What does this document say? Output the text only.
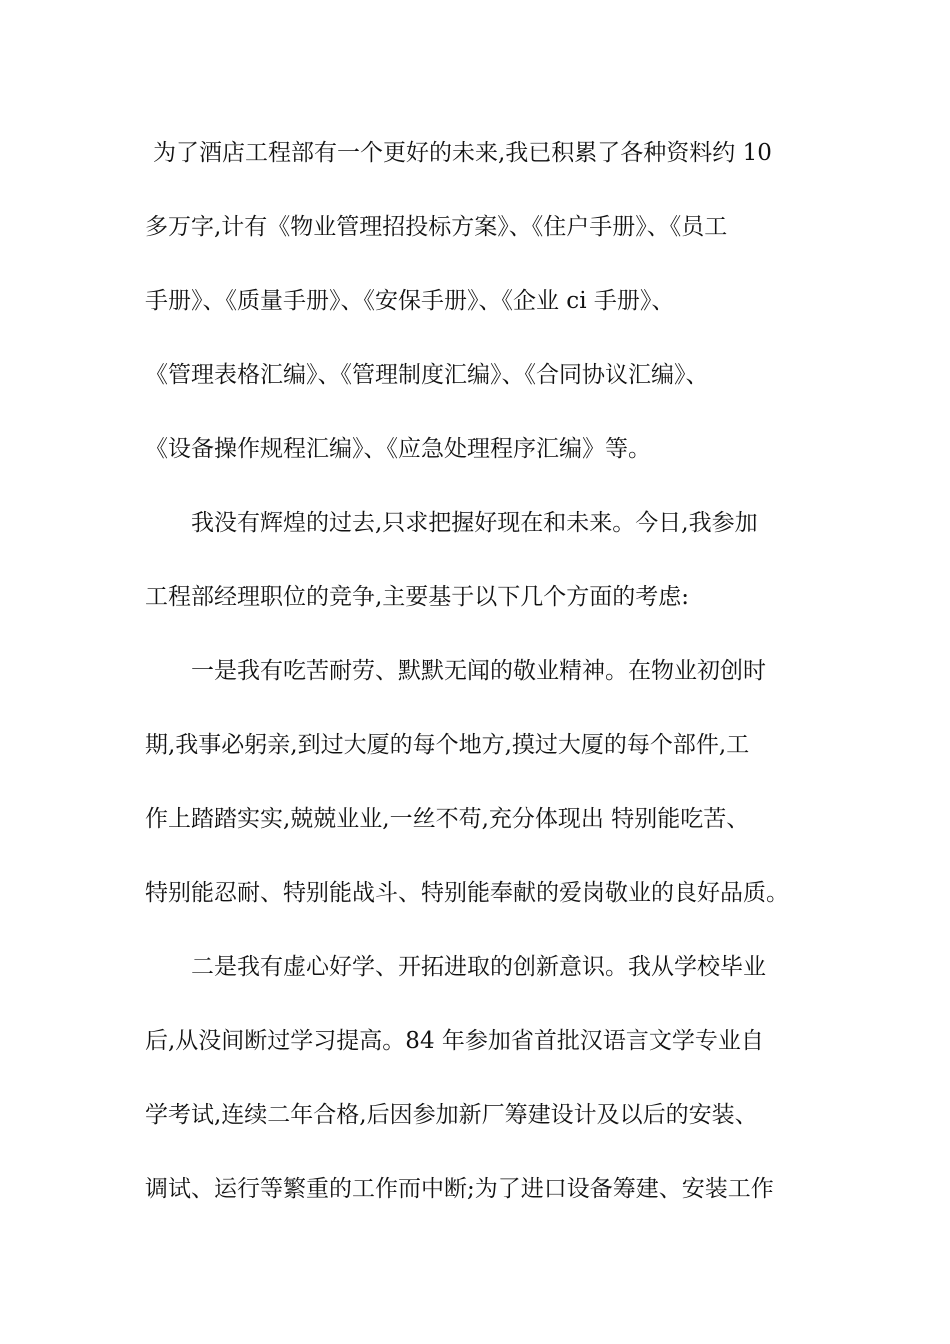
为了酒店工程部有一个更好的未来,我已积累了各种资料约 10
多万字,计有《物业管理招投标方案》、《住户手册》、《员工
手册》、《质量手册》、《安保手册》、《企业 ci 手册》、
《管理表格汇编》、《管理制度汇编》、《合同协议汇编》、
《设备操作规程汇编》、《应急处理程序汇编》等。
我没有辉煌的过去,只求把握好现在和未来。今日,我参加
工程部经理职位的竞争,主要基于以下几个方面的考虑:
一是我有吃苦耐劳、默默无闻的敬业精神。在物业初创时
期,我事必躬亲,到过大厦的每个地方,摸过大厦的每个部件,工
作上踏踏实实,兢兢业业,一丝不苟,充分体现出 特别能吃苦、
特别能忍耐、特别能战斗、特别能奉献的爱岗敬业的良好品质。
二是我有虚心好学、开拓进取的创新意识。我从学校毕业
后,从没间断过学习提高。84 年参加省首批汉语言文学专业自
学考试,连续二年合格,后因参加新厂筹建设计及以后的安装、
调试、运行等繁重的工作而中断;为了进口设备筹建、安装工作
